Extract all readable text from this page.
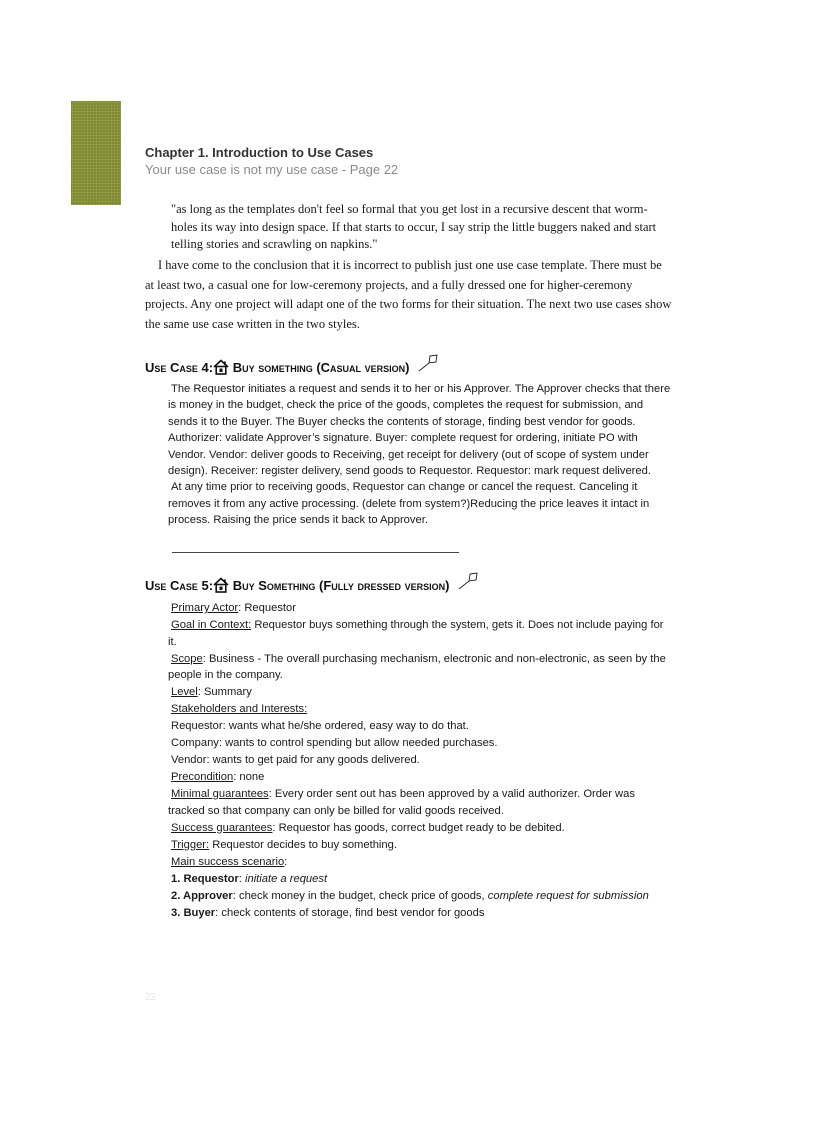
Chapter 1. Introduction to Use Cases

Your use case is not my use case - Page 22

"as long as the templates don't feel so formal that you get lost in a recursive descent that worm-holes its way into design space. If that starts to occur, I say strip the little buggers naked and start telling stories and scrawling on napkins."

I have come to the conclusion that it is incorrect to publish just one use case template. There must be at least two, a casual one for low-ceremony projects, and a fully dressed one for higher-ceremony projects. Any one project will adapt one of the two forms for their situation. The next two use cases show the same use case written in the two styles.

Use Case 4: Buy something (Casual version)

The Requestor initiates a request and sends it to her or his Approver. The Approver checks that there is money in the budget, check the price of the goods, completes the request for submission, and sends it to the Buyer. The Buyer checks the contents of storage, finding best vendor for goods. Authorizer: validate Approver’s signature. Buyer: complete request for ordering, initiate PO with Vendor. Vendor: deliver goods to Receiving, get receipt for delivery (out of scope of system under design). Receiver: register delivery, send goods to Requestor. Requestor: mark request delivered.

At any time prior to receiving goods, Requestor can change or cancel the request. Canceling it removes it from any active processing. (delete from system?)Reducing the price leaves it intact in process. Raising the price sends it back to Approver.

Use Case 5: Buy Something (Fully dressed version)

Primary Actor: Requestor

Goal in Context: Requestor buys something through the system, gets it. Does not include paying for it.

Scope: Business - The overall purchasing mechanism, electronic and non-electronic, as seen by the people in the company.

Level: Summary

Stakeholders and Interests:

Requestor: wants what he/she ordered, easy way to do that.

Company: wants to control spending but allow needed purchases.

Vendor: wants to get paid for any goods delivered.

Precondition: none

Minimal guarantees: Every order sent out has been approved by a valid authorizer. Order was tracked so that company can only be billed for valid goods received.

Success guarantees: Requestor has goods, correct budget ready to be debited.

Trigger: Requestor decides to buy something.

Main success scenario:

1. Requestor: initiate a request

2. Approver: check money in the budget, check price of goods, complete request for submission

3. Buyer: check contents of storage, find best vendor for goods

22
